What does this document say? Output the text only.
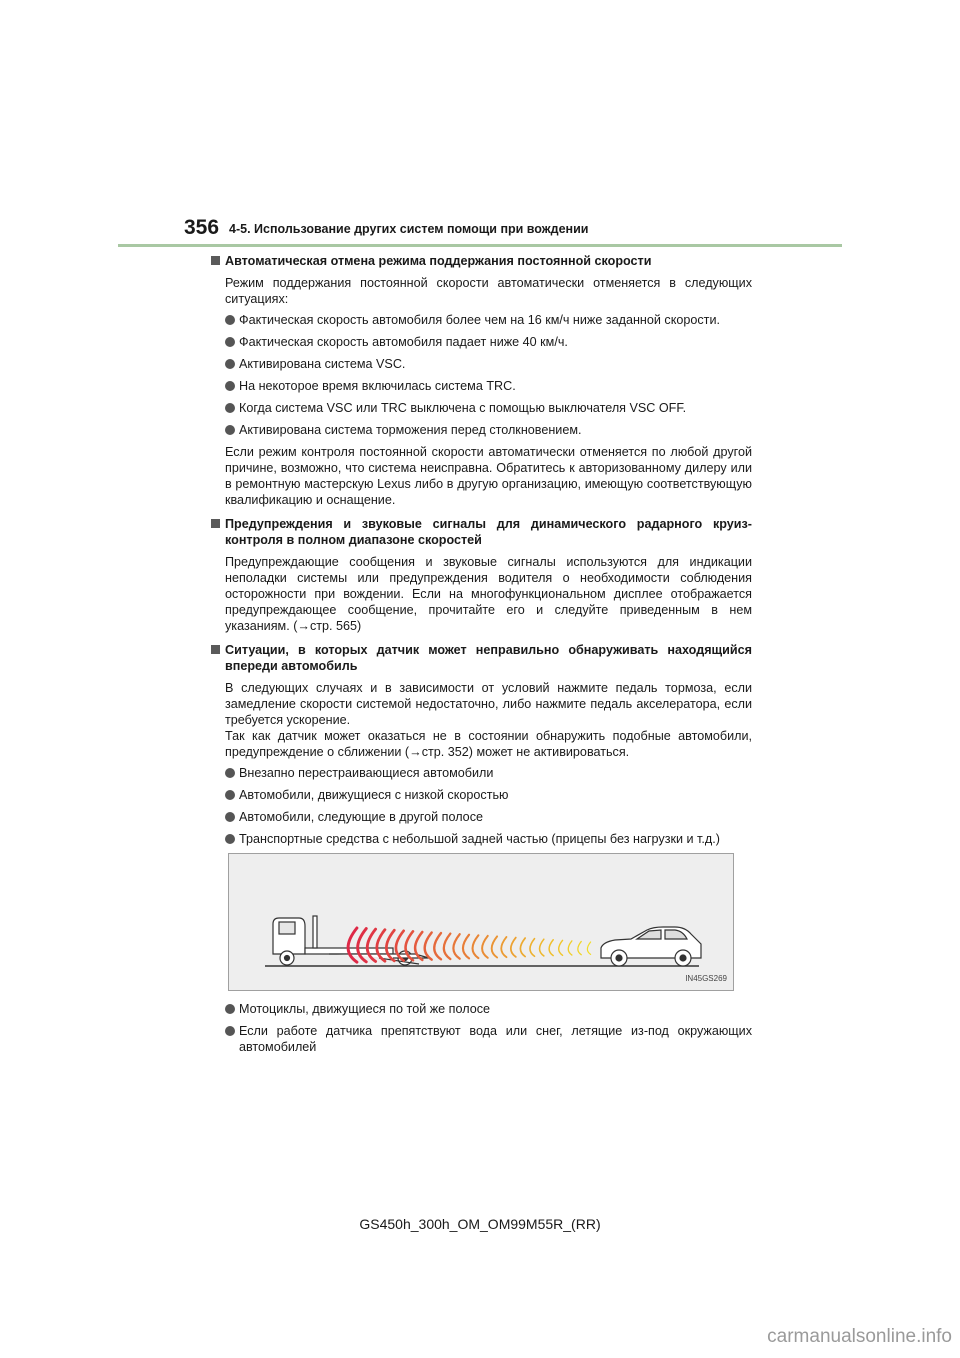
356 4-5. Использование других систем помощи при вождении
Автоматическая отмена режима поддержания постоянной скорости
Режим поддержания постоянной скорости автоматически отменяется в следующих ситуациях:
Фактическая скорость автомобиля более чем на 16 км/ч ниже заданной скорости.
Фактическая скорость автомобиля падает ниже 40 км/ч.
Активирована система VSC.
На некоторое время включилась система TRC.
Когда система VSC или TRC выключена с помощью выключателя VSC OFF.
Активирована система торможения перед столкновением.
Если режим контроля постоянной скорости автоматически отменяется по любой другой причине, возможно, что система неисправна. Обратитесь к авторизованному дилеру или в ремонтную мастерскую Lexus либо в другую организацию, имеющую соответствующую квалификацию и оснащение.
Предупреждения и звуковые сигналы для динамического радарного круиз-контроля в полном диапазоне скоростей
Предупреждающие сообщения и звуковые сигналы используются для индикации неполадки системы или предупреждения водителя о необходимости соблюдения осторожности при вождении. Если на многофункциональном дисплее отображается предупреждающее сообщение, прочитайте его и следуйте приведенным в нем указаниям. (→стр. 565)
Ситуации, в которых датчик может неправильно обнаруживать находящийся впереди автомобиль
В следующих случаях и в зависимости от условий нажмите педаль тормоза, если замедление скорости системой недостаточно, либо нажмите педаль акселератора, если требуется ускорение.
Так как датчик может оказаться не в состоянии обнаружить подобные автомобили, предупреждение о сближении (→стр. 352) может не активироваться.
Внезапно перестраивающиеся автомобили
Автомобили, движущиеся с низкой скоростью
Автомобили, следующие в другой полосе
Транспортные средства с небольшой задней частью (прицепы без нагрузки и т.д.)
IN45GS269
Мотоциклы, движущиеся по той же полосе
Если работе датчика препятствуют вода или снег, летящие из-под окружающих автомобилей
GS450h_300h_OM_OM99M55R_(RR)
carmanualsonline.info
